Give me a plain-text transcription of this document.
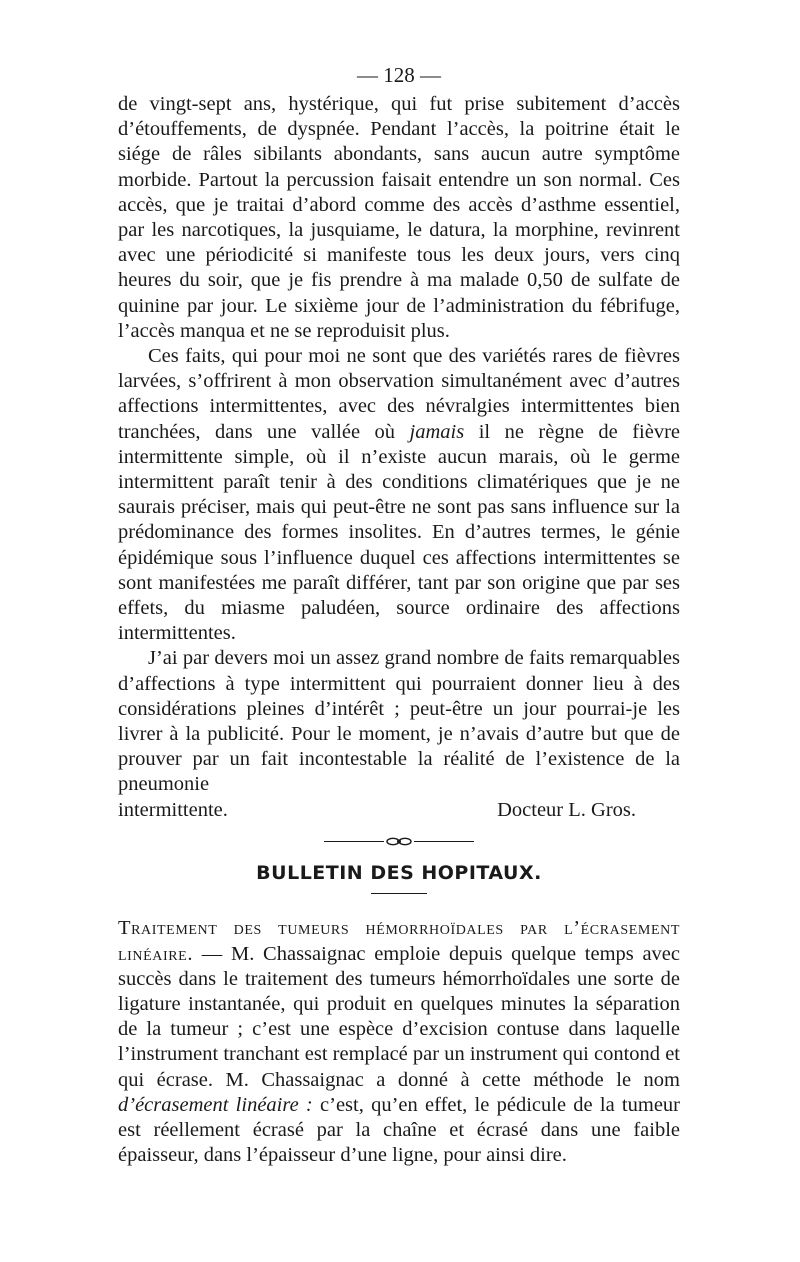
— 128 —

de vingt-sept ans, hystérique, qui fut prise subitement d’accès d’étouffements, de dyspnée. Pendant l’accès, la poitrine était le siége de râles sibilants abondants, sans aucun autre symptôme morbide. Partout la percussion faisait entendre un son normal. Ces accès, que je traitai d’abord comme des accès d’asthme essentiel, par les narcotiques, la jusquiame, le datura, la morphine, revinrent avec une périodicité si manifeste tous les deux jours, vers cinq heures du soir, que je fis prendre à ma malade 0,50 de sulfate de quinine par jour. Le sixième jour de l’administration du fébrifuge, l’accès manqua et ne se reproduisit plus.

Ces faits, qui pour moi ne sont que des variétés rares de fièvres larvées, s’offrirent à mon observation simultanément avec d’autres affections intermittentes, avec des névralgies intermittentes bien tranchées, dans une vallée où jamais il ne règne de fièvre intermittente simple, où il n’existe aucun marais, où le germe intermittent paraît tenir à des conditions climatériques que je ne saurais préciser, mais qui peut-être ne sont pas sans influence sur la prédominance des formes insolites. En d’autres termes, le génie épidémique sous l’influence duquel ces affections intermittentes se sont manifestées me paraît différer, tant par son origine que par ses effets, du miasme paludéen, source ordinaire des affections intermittentes.

J’ai par devers moi un assez grand nombre de faits remarquables d’affections à type intermittent qui pourraient donner lieu à des considérations pleines d’intérêt ; peut-être un jour pourrai-je les livrer à la publicité. Pour le moment, je n’avais d’autre but que de prouver par un fait incontestable la réalité de l’existence de la pneumonie

intermittente.	Docteur L. Gros.
BULLETIN DES HOPITAUX.

Traitement des tumeurs hémorrhoïdales par l’écrasement linéaire. — M. Chassaignac emploie depuis quelque temps avec succès dans le traitement des tumeurs hémorrhoïdales une sorte de ligature instantanée, qui produit en quelques minutes la séparation de la tumeur ; c’est une espèce d’excision contuse dans laquelle l’instrument tranchant est remplacé par un instrument qui contond et qui écrase. M. Chassaignac a donné à cette méthode le nom d’écrasement linéaire : c’est, qu’en effet, le pédicule de la tumeur est réellement écrasé par la chaîne et écrasé dans une faible épaisseur, dans l’épaisseur d’une ligne, pour ainsi dire.
